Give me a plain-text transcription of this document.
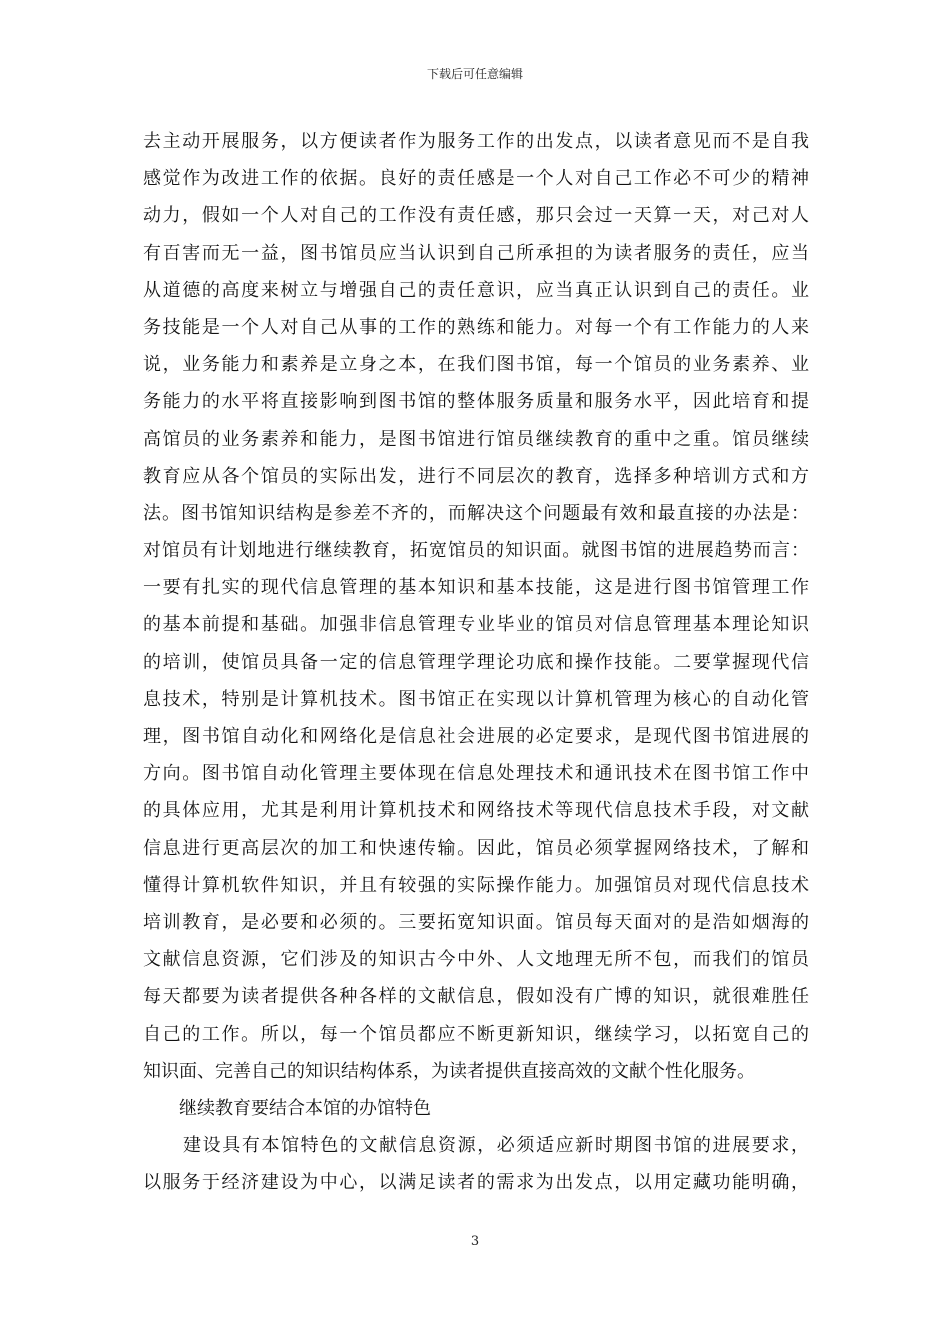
下载后可任意编辑
去主动开展服务，以方便读者作为服务工作的出发点，以读者意见而不是自我
感觉作为改进工作的依据。良好的责任感是一个人对自己工作必不可少的精神
动力，假如一个人对自己的工作没有责任感，那只会过一天算一天，对己对人
有百害而无一益，图书馆员应当认识到自己所承担的为读者服务的责任，应当
从道德的高度来树立与增强自己的责任意识，应当真正认识到自己的责任。业
务技能是一个人对自己从事的工作的熟练和能力。对每一个有工作能力的人来
说，业务能力和素养是立身之本，在我们图书馆，每一个馆员的业务素养、业
务能力的水平将直接影响到图书馆的整体服务质量和服务水平，因此培育和提
高馆员的业务素养和能力，是图书馆进行馆员继续教育的重中之重。馆员继续
教育应从各个馆员的实际出发，进行不同层次的教育，选择多种培训方式和方
法。图书馆知识结构是参差不齐的，而解决这个问题最有效和最直接的办法是：
对馆员有计划地进行继续教育，拓宽馆员的知识面。就图书馆的进展趋势而言：
一要有扎实的现代信息管理的基本知识和基本技能，这是进行图书馆管理工作
的基本前提和基础。加强非信息管理专业毕业的馆员对信息管理基本理论知识
的培训，使馆员具备一定的信息管理学理论功底和操作技能。二要掌握现代信
息技术，特别是计算机技术。图书馆正在实现以计算机管理为核心的自动化管
理，图书馆自动化和网络化是信息社会进展的必定要求，是现代图书馆进展的
方向。图书馆自动化管理主要体现在信息处理技术和通讯技术在图书馆工作中
的具体应用，尤其是利用计算机技术和网络技术等现代信息技术手段，对文献
信息进行更高层次的加工和快速传输。因此，馆员必须掌握网络技术，了解和
懂得计算机软件知识，并且有较强的实际操作能力。加强馆员对现代信息技术
培训教育，是必要和必须的。三要拓宽知识面。馆员每天面对的是浩如烟海的
文献信息资源，它们涉及的知识古今中外、人文地理无所不包，而我们的馆员
每天都要为读者提供各种各样的文献信息，假如没有广博的知识，就很难胜任
自己的工作。所以，每一个馆员都应不断更新知识，继续学习，以拓宽自己的
知识面、完善自己的知识结构体系，为读者提供直接高效的文献个性化服务。
继续教育要结合本馆的办馆特色
建设具有本馆特色的文献信息资源，必须适应新时期图书馆的进展要求，
以服务于经济建设为中心，以满足读者的需求为出发点，以用定藏功能明确，
3
